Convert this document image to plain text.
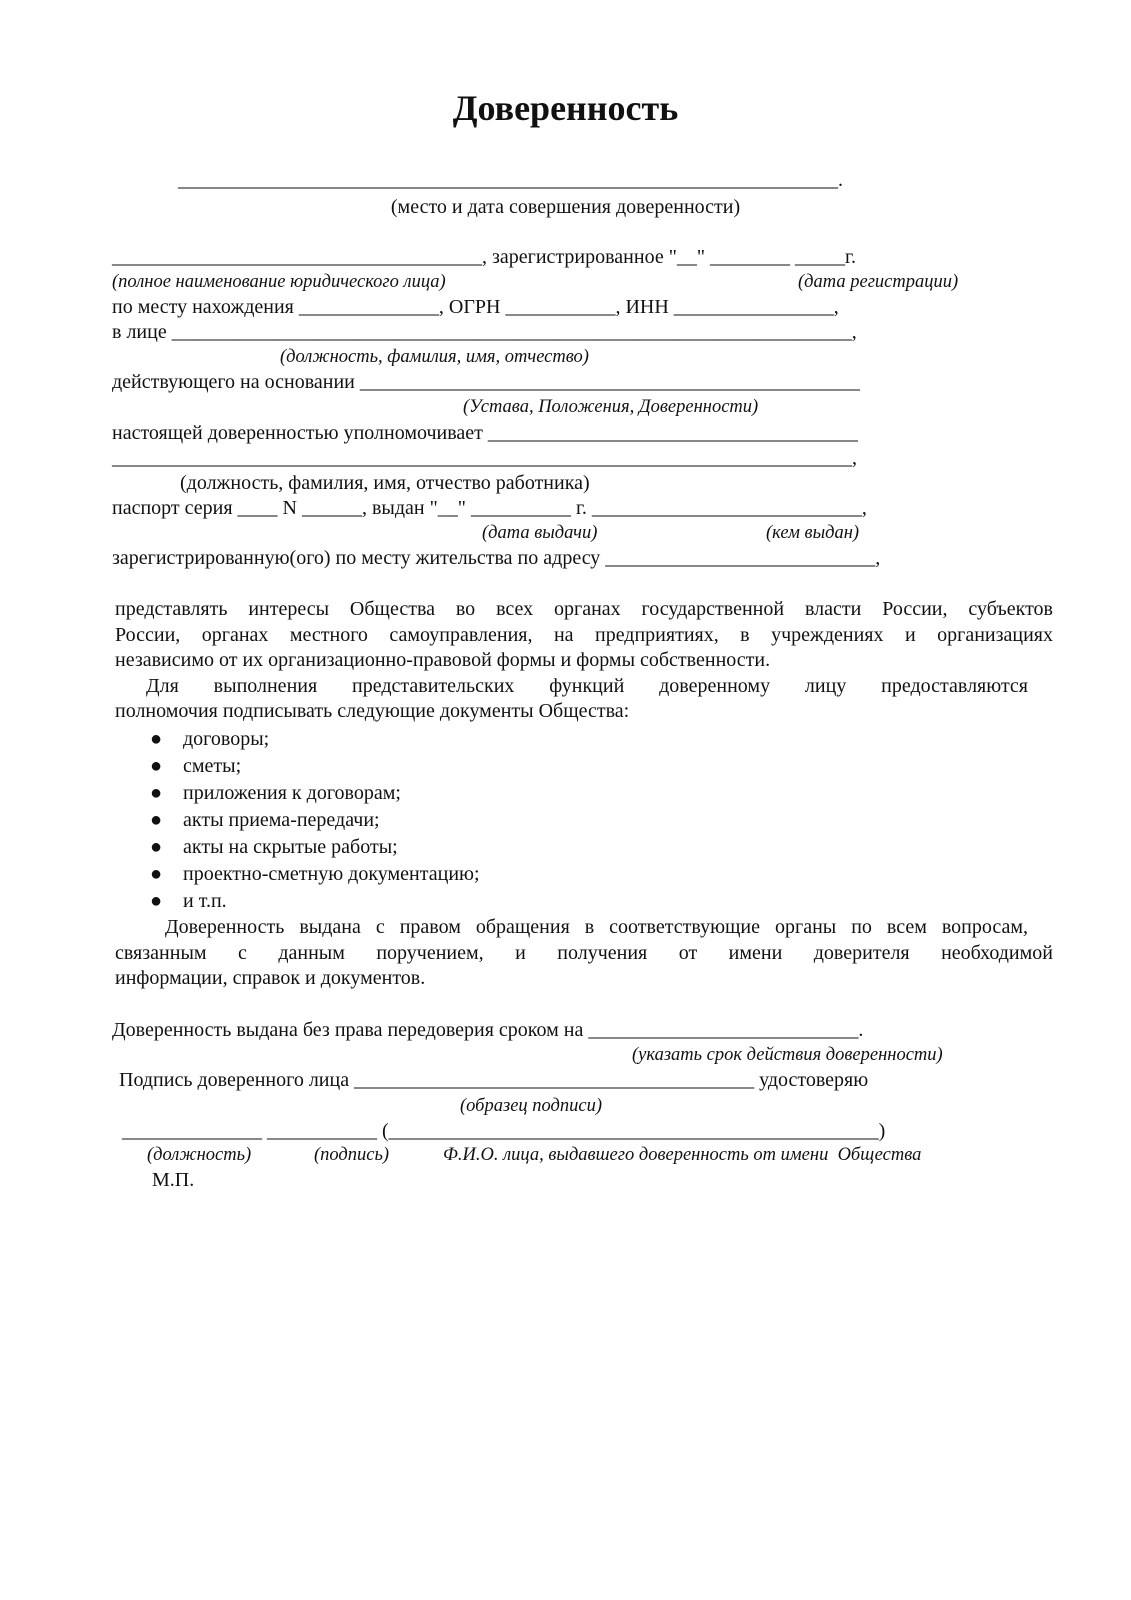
Доверенность
__________________________________________________________________.
(место и дата совершения доверенности)
_____________________________________, зарегистрированное "__" ________ _____г.
(полное наименование юридического лица)	(дата регистрации)
по месту нахождения ______________, ОГРН ___________, ИНН ________________,
в лице ____________________________________________________________________,
(должность, фамилия, имя, отчество)
действующего на основании __________________________________________________
(Устава, Положения, Доверенности)
настоящей доверенностью уполномочивает _____________________________________
__________________________________________________________________________,
(должность, фамилия, имя, отчество работника)
паспорт серия ____ N ______, выдан "__" __________ г. ___________________________,
(дата выдачи)	(кем выдан)
зарегистрированную(ого) по месту жительства по адресу ___________________________,
представлять интересы Общества во всех органах государственной власти России, субъектов
России, органах местного самоуправления, на предприятиях, в учреждениях и организациях
независимо от их организационно-правовой формы и формы собственности.
Для выполнения представительских функций доверенному лицу предоставляются
полномочия подписывать следующие документы Общества:
● договоры;
● сметы;
● приложения к договорам;
● акты приема-передачи;
● акты на скрытые работы;
● проектно-сметную документацию;
● и т.п.
Доверенность выдана с правом обращения в соответствующие органы по всем вопросам,
связанным с данным поручением, и получения от имени доверителя необходимой
информации, справок и документов.
Доверенность выдана без права передоверия сроком на ___________________________.
(указать срок действия доверенности)
Подпись доверенного лица ________________________________________ удостоверяю
(образец подписи)
______________ ___________ (_________________________________________________)
(должность)	(подпись)	Ф.И.О. лица, выдавшего доверенность от имени  Общества
М.П.
